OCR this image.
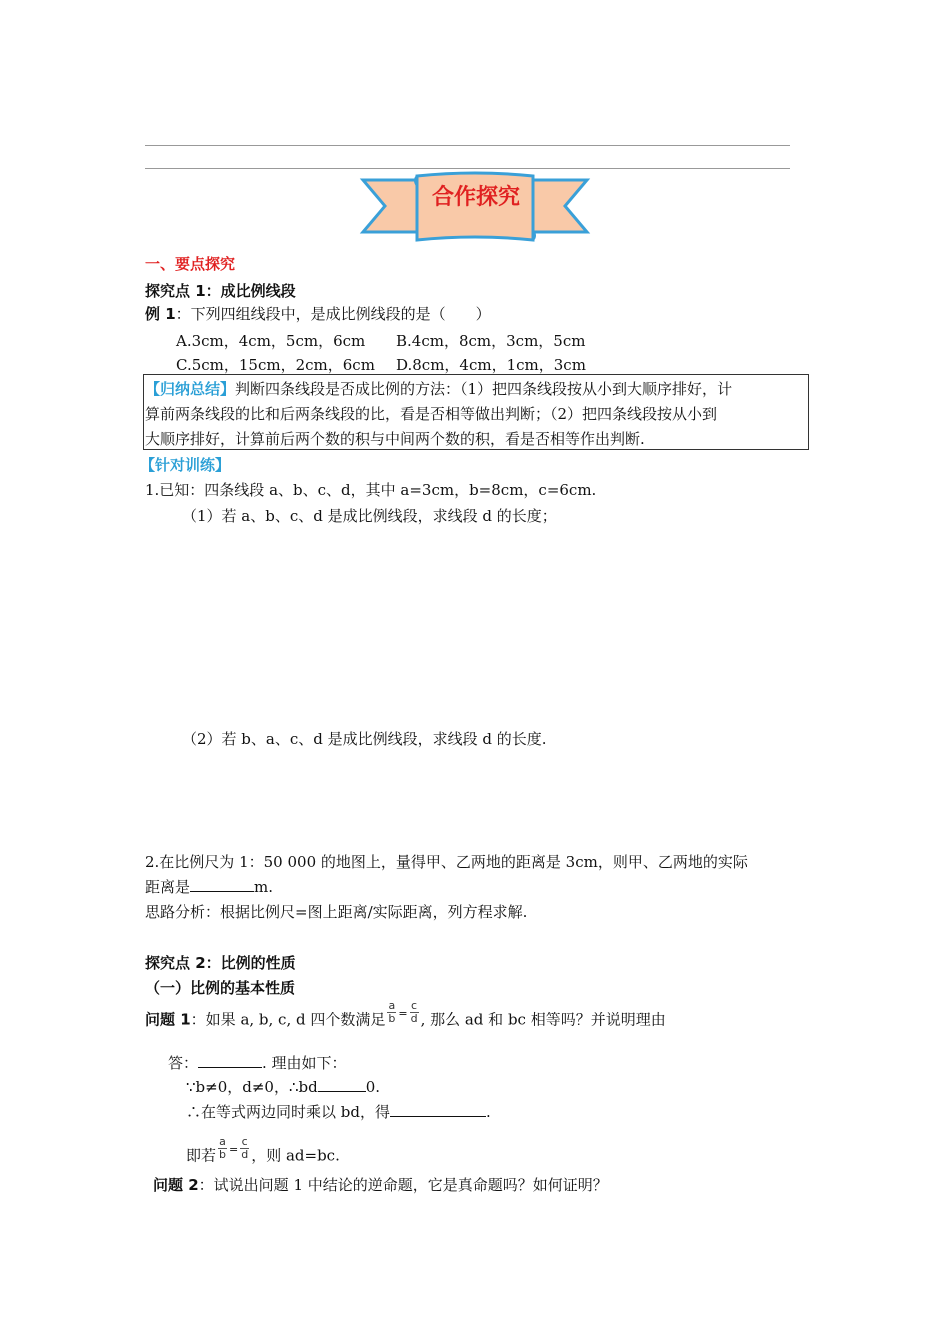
合作探究
一、要点探究
探究点 1：成比例线段
例 1：下列四组线段中，是成比例线段的是（　　）
A.3cm，4cm，5cm，6cm B.4cm，8cm，3cm，5cm
C.5cm，15cm，2cm，6cm D.8cm，4cm，1cm，3cm
【归纳总结】判断四条线段是否成比例的方法：（1）把四条线段按从小到大顺序排好，计
算前两条线段的比和后两条线段的比，看是否相等做出判断；（2）把四条线段按从小到
大顺序排好，计算前后两个数的积与中间两个数的积，看是否相等作出判断.
【针对训练】
1.已知：四条线段 a、b、c、d，其中 a=3cm，b=8cm，c=6cm.
（1）若 a、b、c、d 是成比例线段，求线段 d 的长度；
（2）若 b、a、c、d 是成比例线段，求线段 d 的长度.
2.在比例尺为 1：50 000 的地图上，量得甲、乙两地的距离是 3cm，则甲、乙两地的实际
距离是	m.
思路分析：根据比例尺=图上距离/实际距离，列方程求解.
探究点 2：比例的性质
（一）比例的基本性质
问题 1：如果 a, b, c, d 四个数满足 $\frac{a}{b} ^= \frac{c}{d}$ , 那么 ad 和 bc 相等吗？并说明理由
答：	. 理由如下：
∵b≠0，d≠0，∴bd	0.
∴在等式两边同时乘以 bd，得	.
即若 $\frac{a}{b} ^= \frac{c}{d}$ ，则 ad=bc.
问题 2：试说出问题 1 中结论的逆命题，它是真命题吗？如何证明？
